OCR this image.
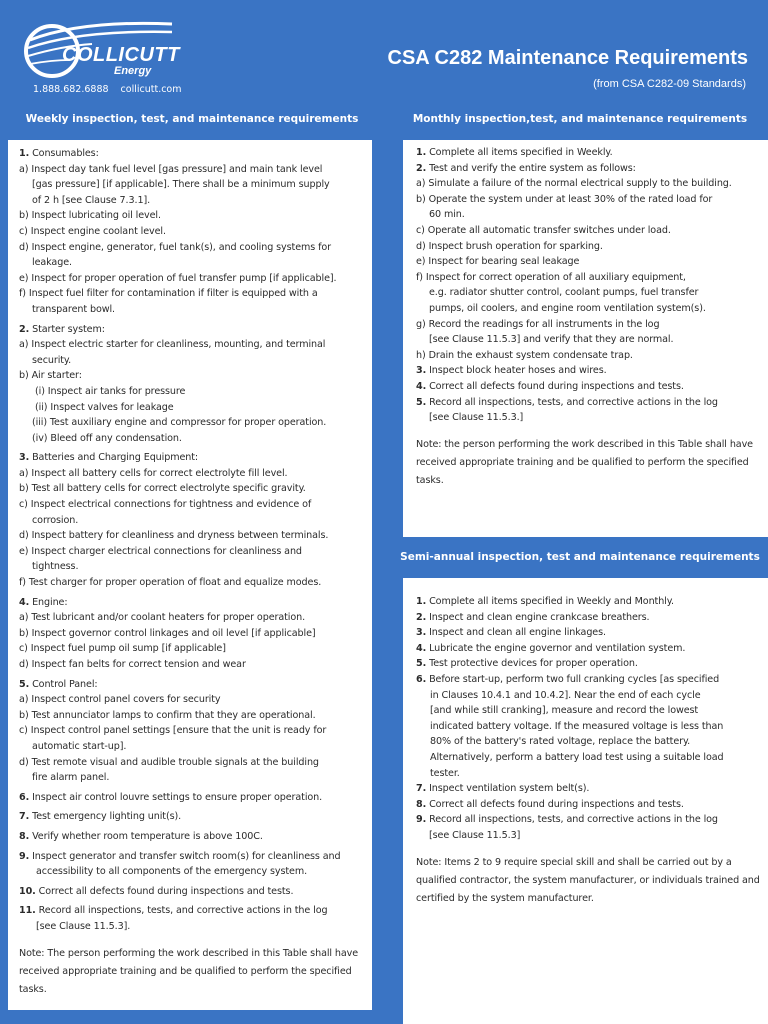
COLLICUTT
Energy
1.888.682.6888 collicutt.com
CSA C282 Maintenance Requirements
(from CSA C282-09 Standards)
Weekly inspection, test, and maintenance requirements

1. Consumables:

a) Inspect day tank fuel level [gas pressure] and main tank level

[gas pressure] [if applicable]. There shall be a minimum supply

of 2 h [see Clause 7.3.1].

b) Inspect lubricating oil level.

c) Inspect engine coolant level.

d) Inspect engine, generator, fuel tank(s), and cooling systems for

leakage.

e) Inspect for proper operation of fuel transfer pump [if applicable].

f) Inspect fuel filter for contamination if filter is equipped with a

transparent bowl.

2. Starter system:

a) Inspect electric starter for cleanliness, mounting, and terminal

security.

b) Air starter:

(i) Inspect air tanks for pressure

(ii) Inspect valves for leakage

(iii) Test auxiliary engine and compressor for proper operation.

(iv) Bleed off any condensation.

3. Batteries and Charging Equipment:

a) Inspect all battery cells for correct electrolyte fill level.

b) Test all battery cells for correct electrolyte specific gravity.

c) Inspect electrical connections for tightness and evidence of

corrosion.

d) Inspect battery for cleanliness and dryness between terminals.

e) Inspect charger electrical connections for cleanliness and

tightness.

f) Test charger for proper operation of float and equalize modes.

4. Engine:

a) Test lubricant and/or coolant heaters for proper operation.

b) Inspect governor control linkages and oil level [if applicable]

c) Inspect fuel pump oil sump [if applicable]

d) Inspect fan belts for correct tension and wear

5. Control Panel:

a) Inspect control panel covers for security

b) Test annunciator lamps to confirm that they are operational.

c) Inspect control panel settings [ensure that the unit is ready for

automatic start-up].

d) Test remote visual and audible trouble signals at the building

fire alarm panel.

6. Inspect air control louvre settings to ensure proper operation.

7. Test emergency lighting unit(s).

8. Verify whether room temperature is above 100C.

9. Inspect generator and transfer switch room(s) for cleanliness and

accessibility to all components of the emergency system.

10. Correct all defects found during inspections and tests.

11. Record all inspections, tests, and corrective actions in the log

[see Clause 11.5.3].

Note: The person performing the work described in this Table shall have received appropriate training and be qualified to perform the specified tasks.

Monthly inspection,test, and maintenance requirements

1. Complete all items specified in Weekly.

2. Test and verify the entire system as follows:

a) Simulate a failure of the normal electrical supply to the building.

b) Operate the system under at least 30% of the rated load for

60 min.

c) Operate all automatic transfer switches under load.

d) Inspect brush operation for sparking.

e) Inspect for bearing seal leakage

f) Inspect for correct operation of all auxiliary equipment,

e.g. radiator shutter control, coolant pumps, fuel transfer

pumps, oil coolers, and engine room ventilation system(s).

g) Record the readings for all instruments in the log

[see Clause 11.5.3] and verify that they are normal.

h) Drain the exhaust system condensate trap.

3. Inspect block heater hoses and wires.

4. Correct all defects found during inspections and tests.

5. Record all inspections, tests, and corrective actions in the log

[see Clause 11.5.3.]

Note: the person performing the work described in this Table shall have received appropriate training and be qualified to perform the specified tasks.

Semi-annual inspection, test and maintenance requirements

1. Complete all items specified in Weekly and Monthly.

2. Inspect and clean engine crankcase breathers.

3. Inspect and clean all engine linkages.

4. Lubricate the engine governor and ventilation system.

5. Test protective devices for proper operation.

6. Before start-up, perform two full cranking cycles [as specified

in Clauses 10.4.1 and 10.4.2]. Near the end of each cycle

[and while still cranking], measure and record the lowest

indicated battery voltage. If the measured voltage is less than

80% of the battery's rated voltage, replace the battery.

Alternatively, perform a battery load test using a suitable load

tester.

7. Inspect ventilation system belt(s).

8. Correct all defects found during inspections and tests.

9. Record all inspections, tests, and corrective actions in the log

[see Clause 11.5.3]

Note: Items 2 to 9 require special skill and shall be carried out by a qualified contractor, the system manufacturer, or individuals trained and certified by the system manufacturer.
